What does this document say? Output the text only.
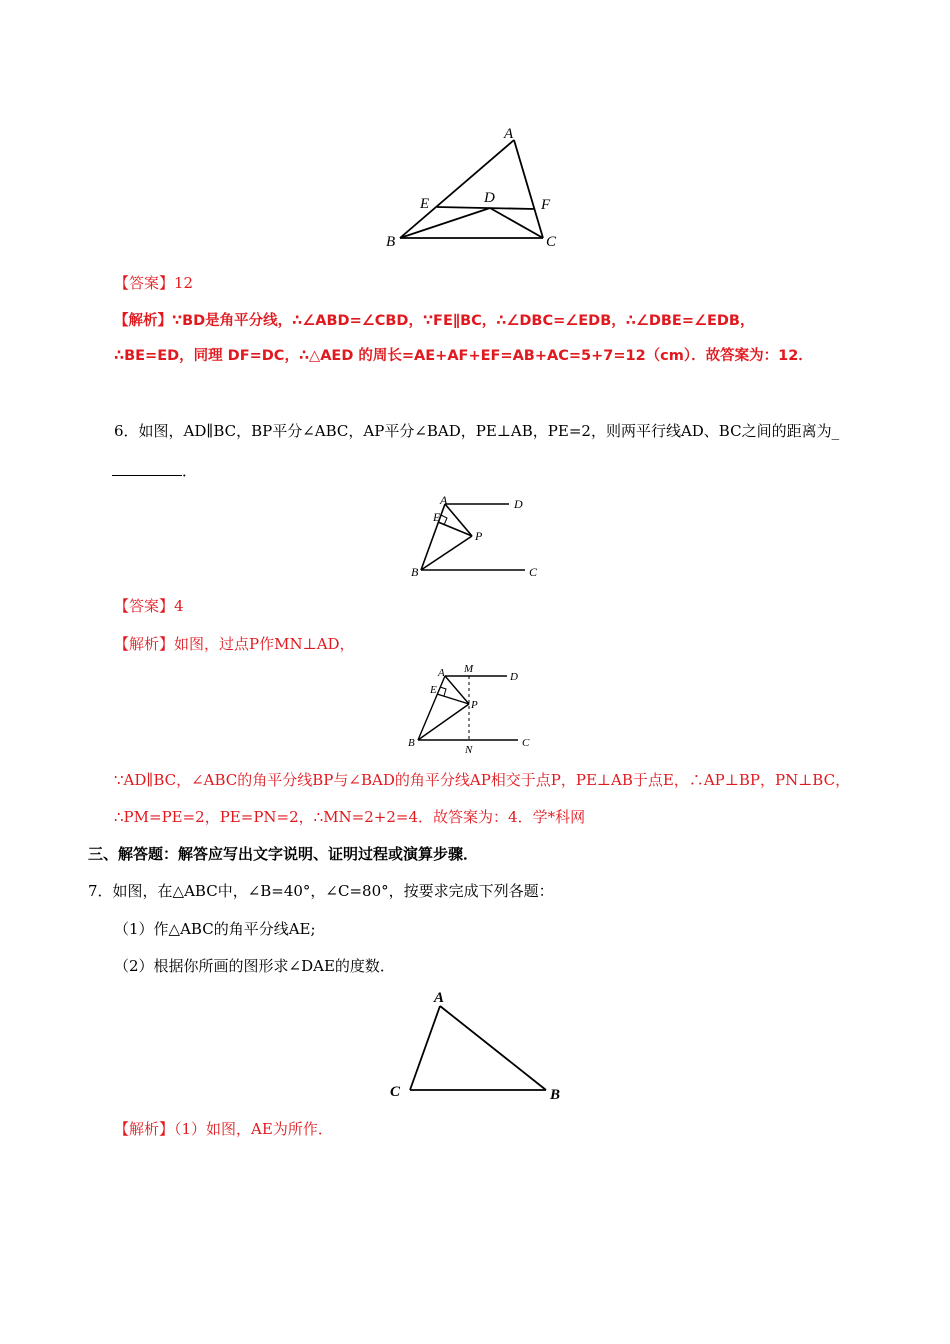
A
E	D	F
B	C
【答案】12
【解析】∵BD是角平分线，∴∠ABD=∠CBD，∵FE∥BC，∴∠DBC=∠EDB，∴∠DBE=∠EDB，
∴BE=ED，同理 DF=DC，∴△AED 的周长=AE+AF+EF=AB+AC=5+7=12（cm）．故答案为：12．
6．如图，AD∥BC，BP平分∠ABC，AP平分∠BAD，PE⊥AB，PE=2，则两平行线AD、BC之间的距离为_
．
A	D
E
P
B	C
【答案】4
【解析】如图，过点P作MN⊥AD，
A M
D
E
P
B
N
C
∵AD∥BC，∠ABC的角平分线BP与∠BAD的角平分线AP相交于点P，PE⊥AB于点E，∴AP⊥BP，PN⊥BC，
∴PM=PE=2，PE=PN=2，∴MN=2+2=4．故答案为：4．学*科网
三、解答题：解答应写出文字说明、证明过程或演算步骤．
7．如图，在△ABC中，∠B=40°，∠C=80°，按要求完成下列各题：
（1）作△ABC的角平分线AE;
（2）根据你所画的图形求∠DAE的度数．
A
C	B
【解析】（1）如图，AE为所作．
